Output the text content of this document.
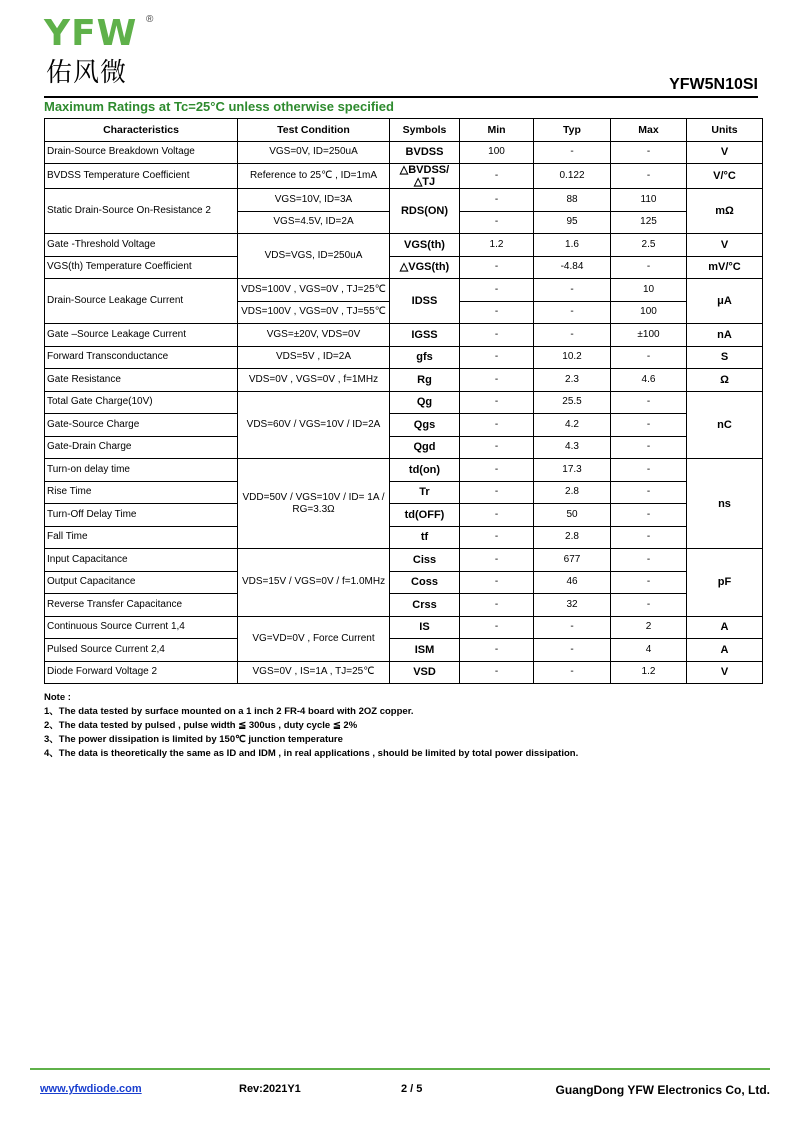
YFW ®
佑风微	YFW5N10SI
Maximum Ratings at Tc=25°C unless otherwise specified
Characteristics	Test Condition	Symbols	Min	Typ	Max	Units
Drain-Source Breakdown Voltage	VGS=0V, ID=250uA	BVDSS	100	-	-	V
BVDSS Temperature Coefficient	Reference to 25℃ , ID=1mA	△BVDSS/△TJ	-	0.122	-	V/°C
Static Drain-Source On-Resistance 2	VGS=10V, ID=3A	RDS(ON)	-	88	110	mΩ
	VGS=4.5V, ID=2A		-	95	125	
Gate -Threshold Voltage	VDS=VGS, ID=250uA	VGS(th)	1.2	1.6	2.5	V
VGS(th) Temperature Coefficient		△VGS(th)	-	-4.84	-	mV/°C
Drain-Source Leakage Current	VDS=100V , VGS=0V , TJ=25℃	IDSS	-	-	10	μA
	VDS=100V , VGS=0V , TJ=55℃		-	-	100	
Gate –Source Leakage Current	VGS=±20V, VDS=0V	IGSS	-	-	±100	nA
Forward Transconductance	VDS=5V , ID=2A	gfs	-	10.2	-	S
Gate Resistance	VDS=0V , VGS=0V , f=1MHz	Rg	-	2.3	4.6	Ω
Total Gate Charge(10V)	VDS=60V / VGS=10V / ID=2A	Qg	-	25.5	-	nC
Gate-Source Charge		Qgs	-	4.2	-	
Gate-Drain Charge		Qgd	-	4.3	-	
Turn-on delay time	VDD=50V / VGS=10V / ID= 1A / RG=3.3Ω	td(on)	-	17.3	-	ns
Rise Time		Tr	-	2.8	-	
Turn-Off Delay Time		td(OFF)	-	50	-	
Fall Time		tf	-	2.8	-	
Input Capacitance	VDS=15V / VGS=0V / f=1.0MHz	Ciss	-	677	-	pF
Output Capacitance		Coss	-	46	-	
Reverse Transfer Capacitance		Crss	-	32	-	
Continuous Source Current 1,4	VG=VD=0V , Force Current	IS	-	-	2	A
Pulsed Source Current 2,4		ISM	-	-	4	A
Diode Forward Voltage 2	VGS=0V , IS=1A , TJ=25℃	VSD	-	-	1.2	V

Note :

1、The data tested by surface mounted on a 1 inch 2 FR-4 board with 2OZ copper.

2、The data tested by pulsed , pulse width ≦ 300us , duty cycle ≦ 2%

3、The power dissipation is limited by 150℃ junction temperature

4、The data is theoretically the same as ID and IDM , in real applications , should be limited by total power dissipation.

www.yfwdiode.com	Rev:2021Y1	2 / 5	GuangDong YFW Electronics Co, Ltd.
